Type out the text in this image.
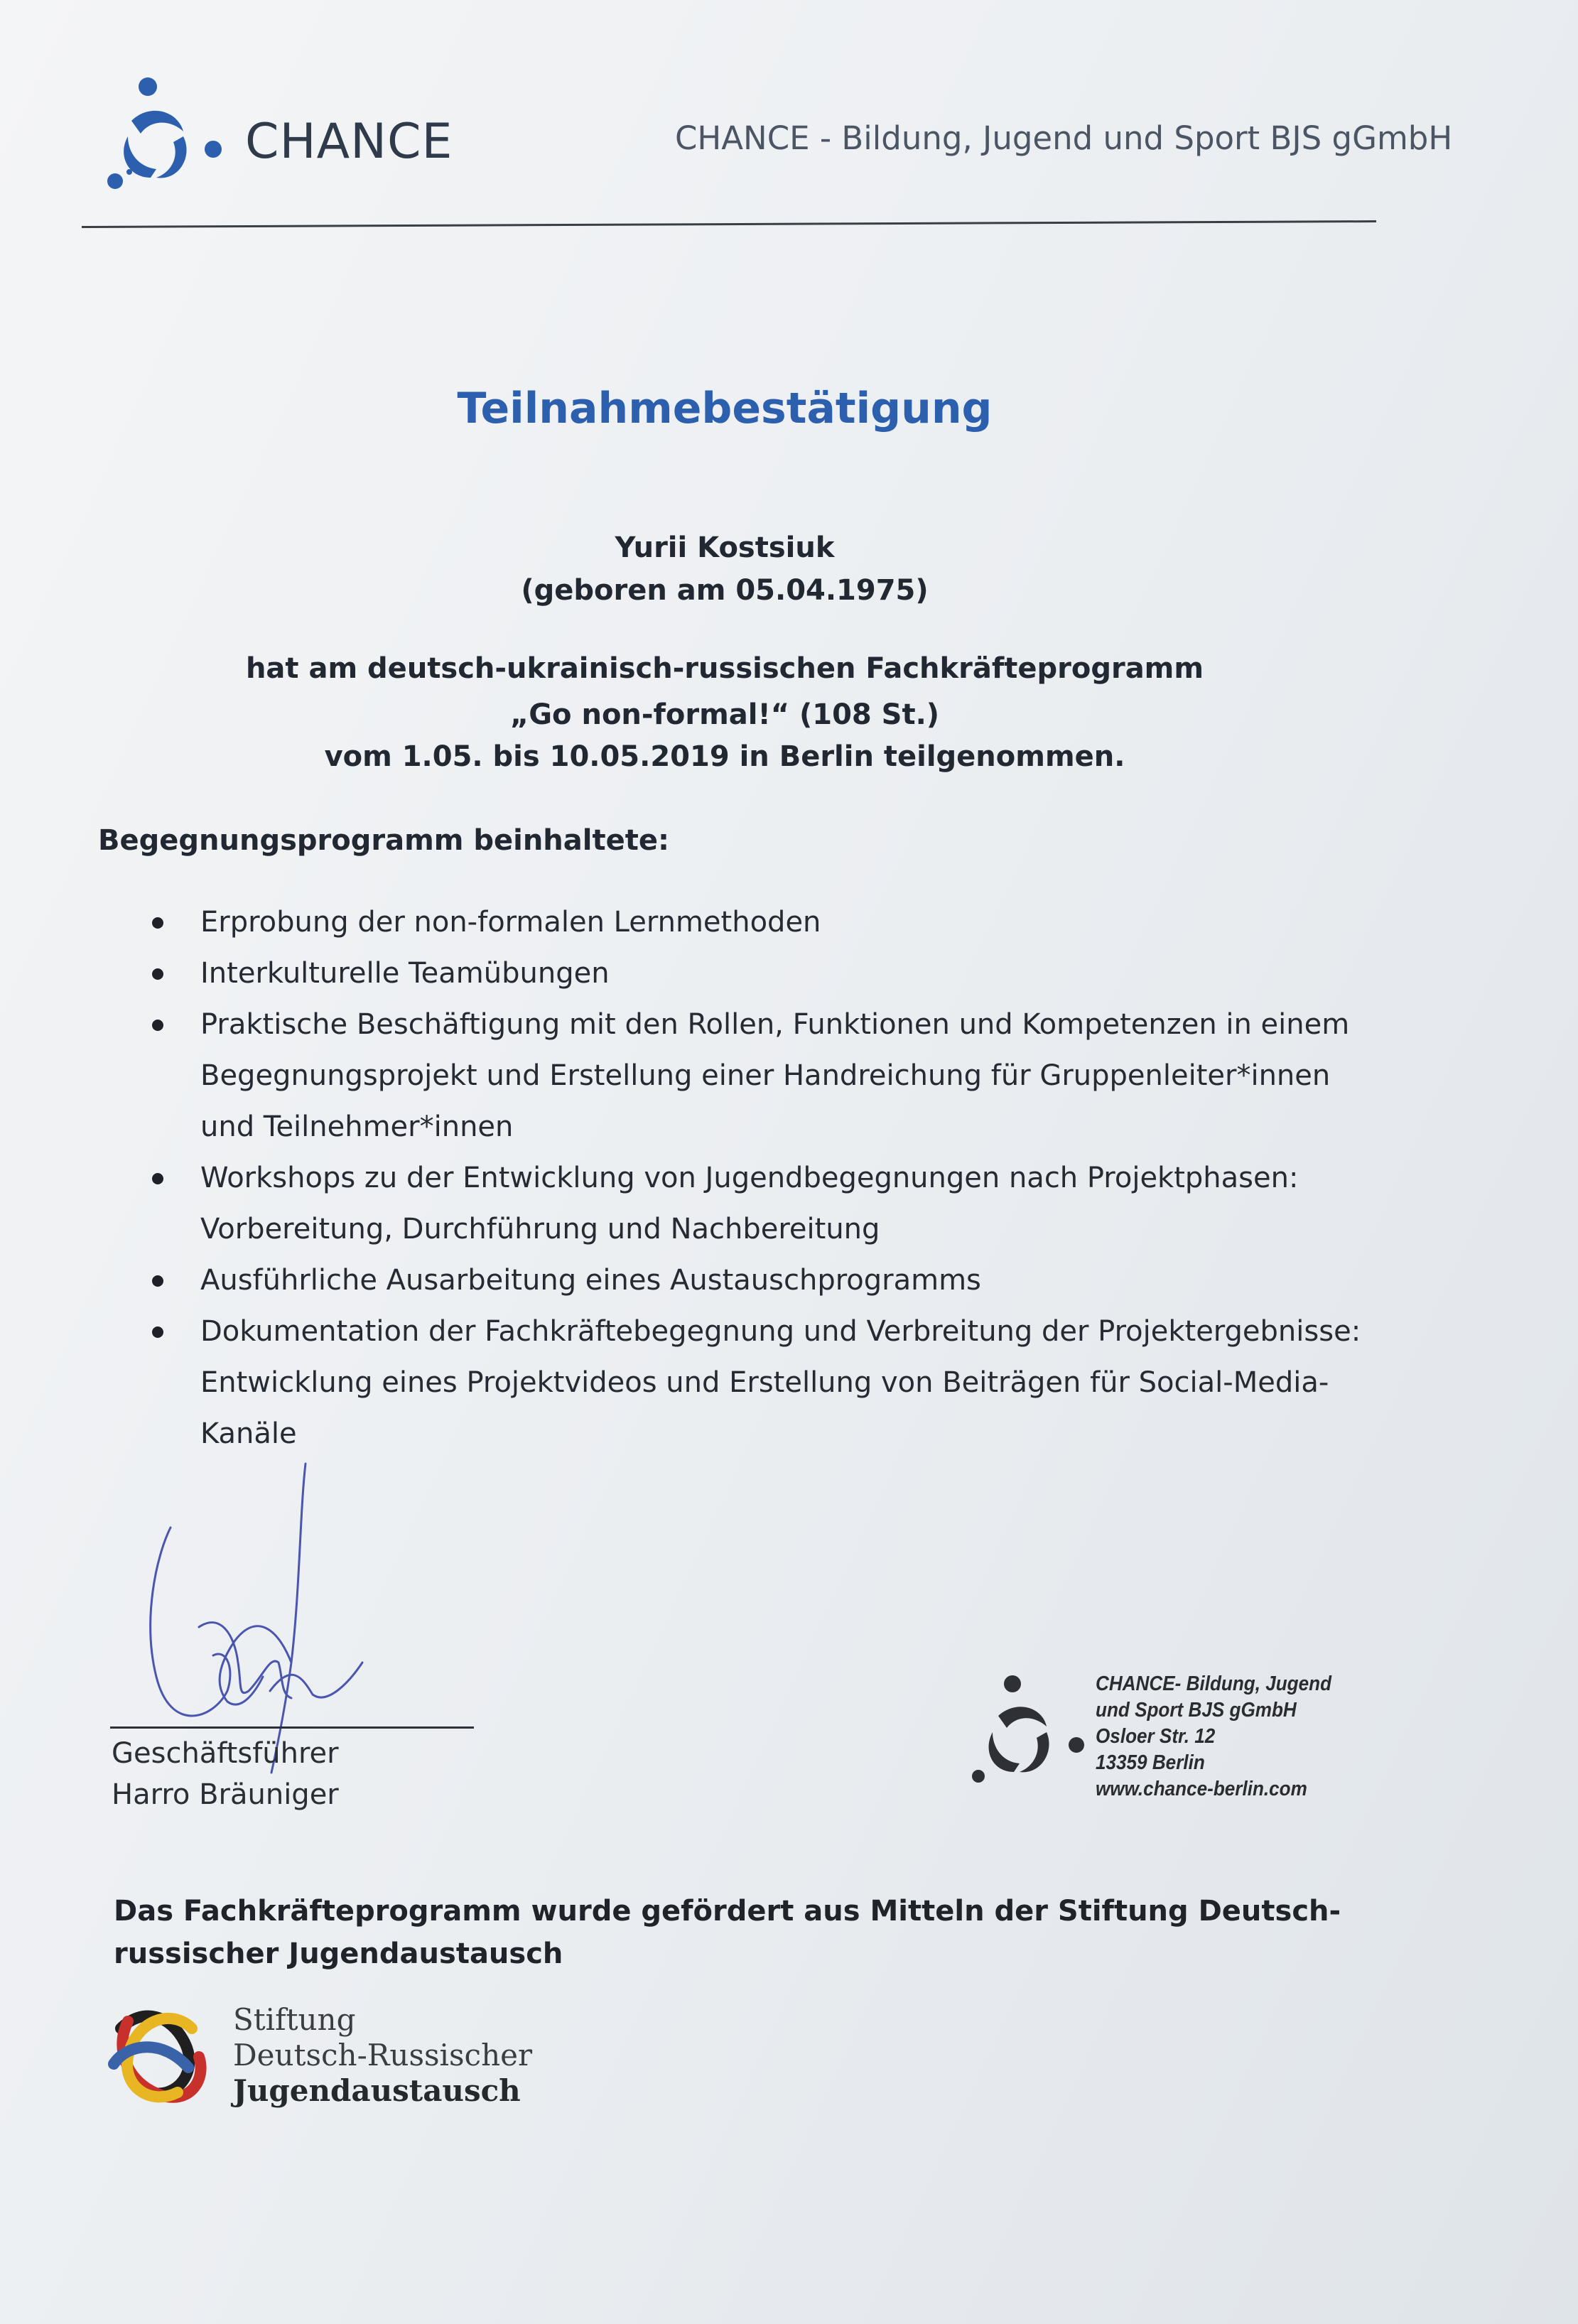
CHANCE	CHANCE - Bildung, Jugend und Sport BJS gGmbH
Teilnahmebestätigung
Yurii Kostsiuk
(geboren am 05.04.1975)
hat am deutsch-ukrainisch-russischen Fachkräfteprogramm
„Go non-formal!“ (108 St.)
vom 1.05. bis 10.05.2019 in Berlin teilgenommen.
Begegnungsprogramm beinhaltete:
Erprobung der non-formalen Lernmethoden
Interkulturelle Teamübungen
Praktische Beschäftigung mit den Rollen, Funktionen und Kompetenzen in einem Begegnungsprojekt und Erstellung einer Handreichung für Gruppenleiter*innen und Teilnehmer*innen
Workshops zu der Entwicklung von Jugendbegegnungen nach Projektphasen: Vorbereitung, Durchführung und Nachbereitung
Ausführliche Ausarbeitung eines Austauschprogramms
Dokumentation der Fachkräftebegegnung und Verbreitung der Projektergebnisse: Entwicklung eines Projektvideos und Erstellung von Beiträgen für Social-Media-Kanäle
Geschäftsführer
Harro Bräuniger
CHANCE- Bildung, Jugend
und Sport BJS gGmbH
Osloer Str. 12
13359 Berlin
www.chance-berlin.com
Das Fachkräfteprogramm wurde gefördert aus Mitteln der Stiftung Deutsch-russischer Jugendaustausch
Stiftung
Deutsch-Russischer
Jugendaustausch
